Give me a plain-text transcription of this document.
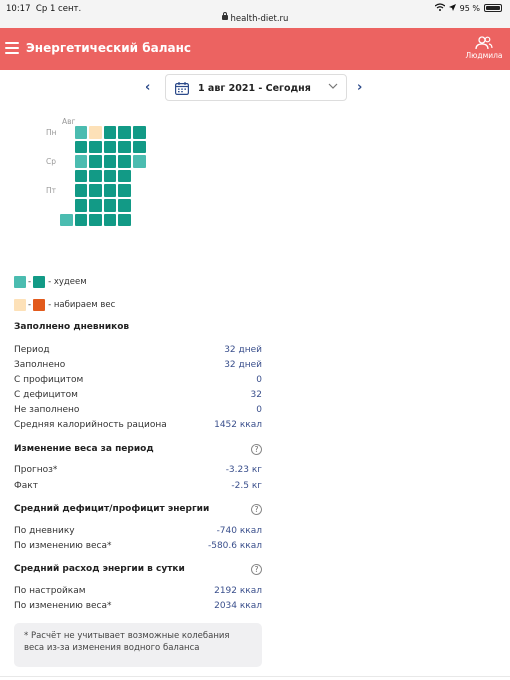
10:17 Ср 1 сент.
health-diet.ru
95 %
Энергетический баланс
Людмила
‹	1 авг 2021 - Сегодня	›
Авг
Пн
Ср
Пт
- - худеем
- - набираем вес
Заполнено дневников
Период	32 дней
Заполнено	32 дней
С профицитом	0
С дефицитом	32
Не заполнено	0
Средняя калорийность рациона	1452 ккал
Изменение веса за период	?
Прогноз*	-3.23 кг
Факт	-2.5 кг
Средний дефицит/профицит энергии	?
По дневнику	-740 ккал
По изменению веса*	-580.6 ккал
Средний расход энергии в сутки	?
По настройкам	2192 ккал
По изменению веса*	2034 ккал
* Расчёт не учитывает возможные колебания веса из-за изменения водного баланса
